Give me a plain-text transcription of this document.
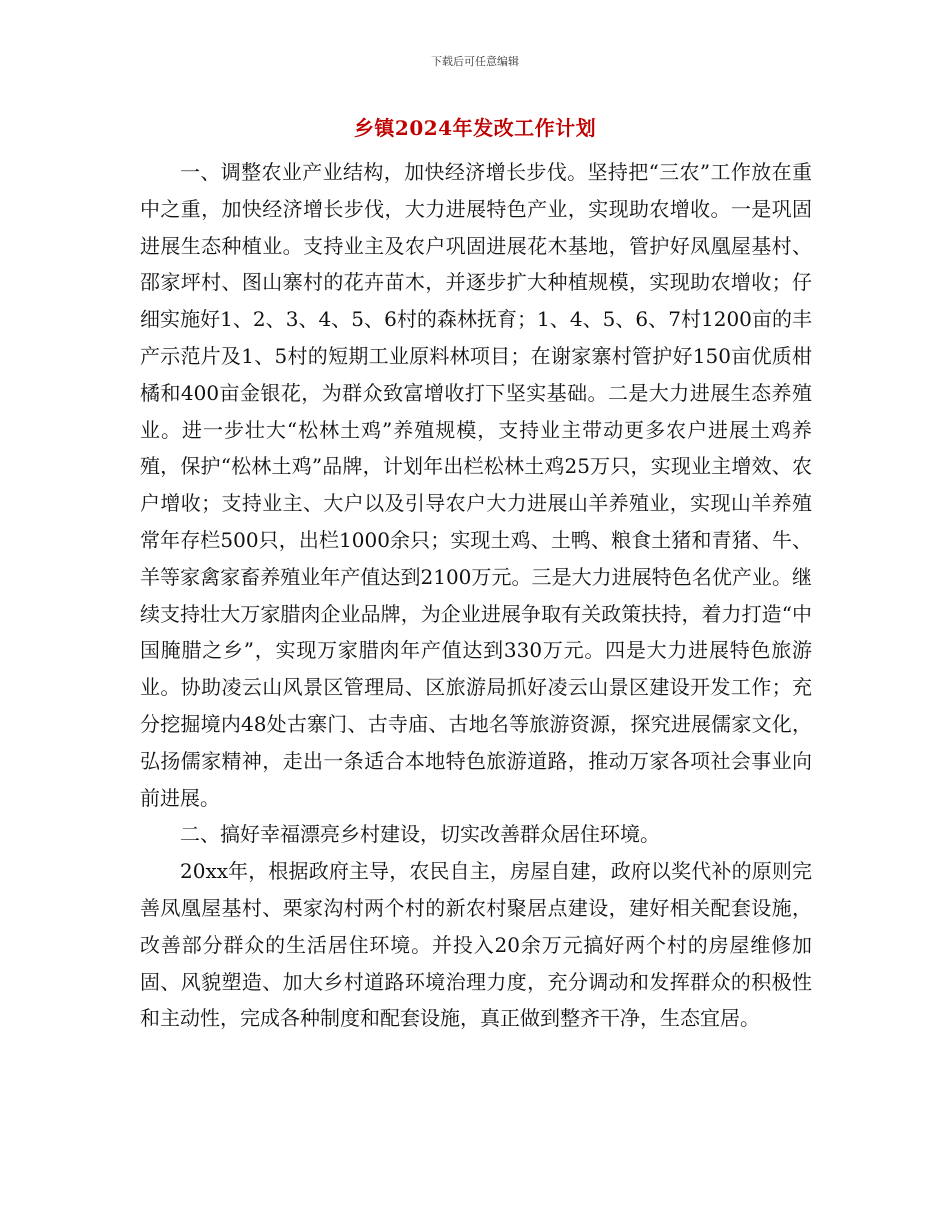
下载后可任意编辑
乡镇2024年发改工作计划

一、调整农业产业结构，加快经济增长步伐。坚持把“三农”工作放在重中之重，加快经济增长步伐，大力进展特色产业，实现助农增收。一是巩固进展生态种植业。支持业主及农户巩固进展花木基地，管护好凤凰屋基村、邵家坪村、图山寨村的花卉苗木，并逐步扩大种植规模，实现助农增收；仔细实施好1、2、3、4、5、6村的森林抚育；1、4、5、6、7村1200亩的丰产示范片及1、5村的短期工业原料林项目；在谢家寨村管护好150亩优质柑橘和400亩金银花，为群众致富增收打下坚实基础。二是大力进展生态养殖业。进一步壮大“松林土鸡”养殖规模，支持业主带动更多农户进展土鸡养殖，保护“松林土鸡”品牌，计划年出栏松林土鸡25万只，实现业主增效、农户增收；支持业主、大户以及引导农户大力进展山羊养殖业，实现山羊养殖常年存栏500只，出栏1000余只；实现土鸡、土鸭、粮食土猪和青猪、牛、羊等家禽家畜养殖业年产值达到2100万元。三是大力进展特色名优产业。继续支持壮大万家腊肉企业品牌，为企业进展争取有关政策扶持，着力打造“中国腌腊之乡”，实现万家腊肉年产值达到330万元。四是大力进展特色旅游业。协助凌云山风景区管理局、区旅游局抓好凌云山景区建设开发工作；充分挖掘境内48处古寨门、古寺庙、古地名等旅游资源，探究进展儒家文化，弘扬儒家精神，走出一条适合本地特色旅游道路，推动万家各项社会事业向前进展。

二、搞好幸福漂亮乡村建设，切实改善群众居住环境。

20xx年，根据政府主导，农民自主，房屋自建，政府以奖代补的原则完善凤凰屋基村、栗家沟村两个村的新农村聚居点建设，建好相关配套设施，改善部分群众的生活居住环境。并投入20余万元搞好两个村的房屋维修加固、风貌塑造、加大乡村道路环境治理力度，充分调动和发挥群众的积极性和主动性，完成各种制度和配套设施，真正做到整齐干净，生态宜居。
